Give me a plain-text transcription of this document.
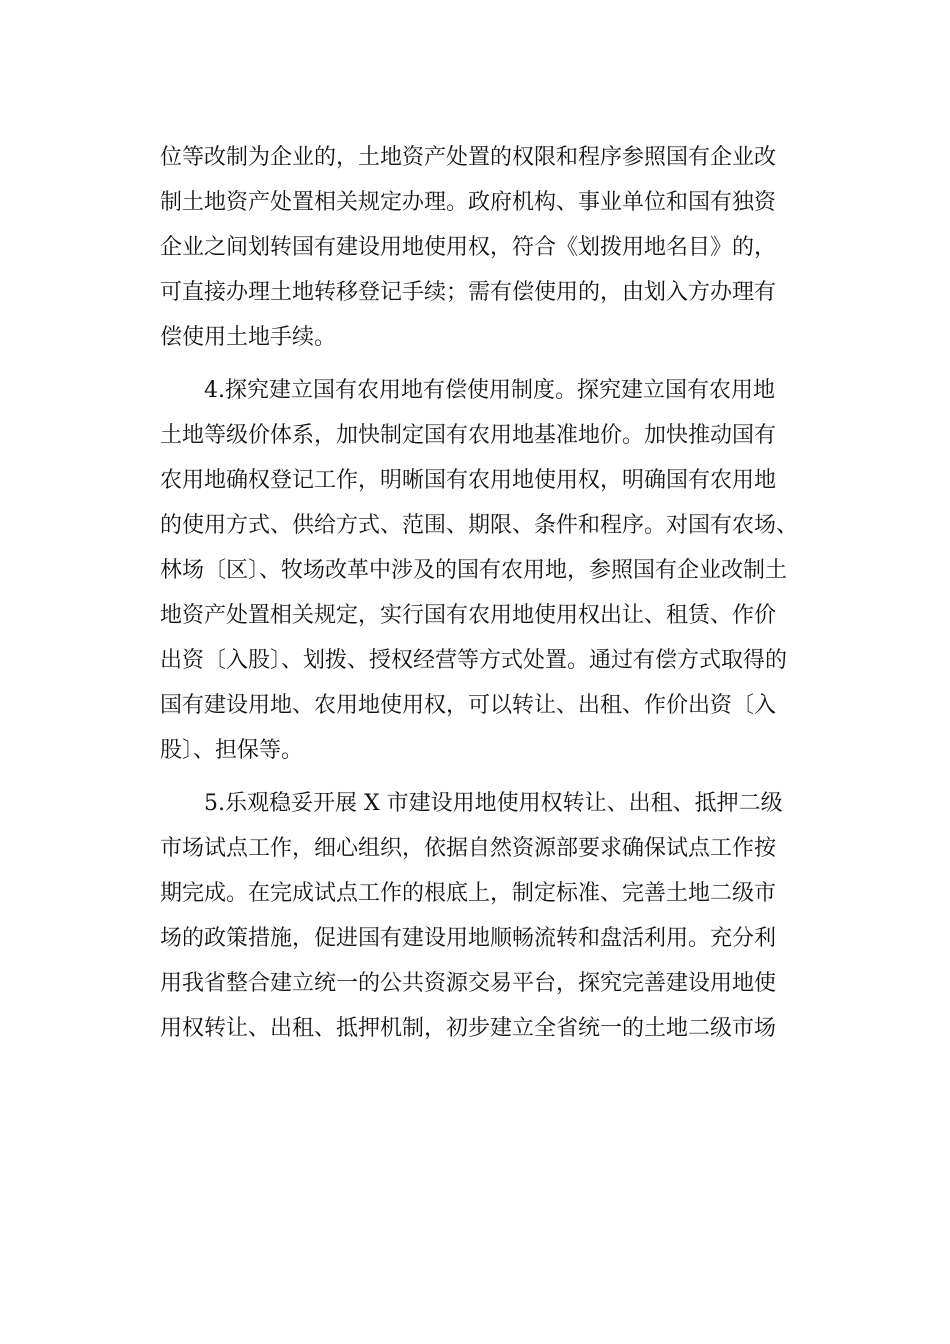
位等改制为企业的，土地资产处置的权限和程序参照国有企业改
制土地资产处置相关规定办理。政府机构、事业单位和国有独资
企业之间划转国有建设用地使用权，符合《划拨用地名目》的，
可直接办理土地转移登记手续；需有偿使用的，由划入方办理有
偿使用土地手续。
4.探究建立国有农用地有偿使用制度。探究建立国有农用地
土地等级价体系，加快制定国有农用地基准地价。加快推动国有
农用地确权登记工作，明晰国有农用地使用权，明确国有农用地
的使用方式、供给方式、范围、期限、条件和程序。对国有农场、
林场〔区〕、牧场改革中涉及的国有农用地，参照国有企业改制土
地资产处置相关规定，实行国有农用地使用权出让、租赁、作价
出资〔入股〕、划拨、授权经营等方式处置。通过有偿方式取得的
国有建设用地、农用地使用权，可以转让、出租、作价出资〔入
股〕、担保等。
5.乐观稳妥开展 X 市建设用地使用权转让、出租、抵押二级
市场试点工作，细心组织，依据自然资源部要求确保试点工作按
期完成。在完成试点工作的根底上，制定标准、完善土地二级市
场的政策措施，促进国有建设用地顺畅流转和盘活利用。充分利
用我省整合建立统一的公共资源交易平台，探究完善建设用地使
用权转让、出租、抵押机制，初步建立全省统一的土地二级市场
